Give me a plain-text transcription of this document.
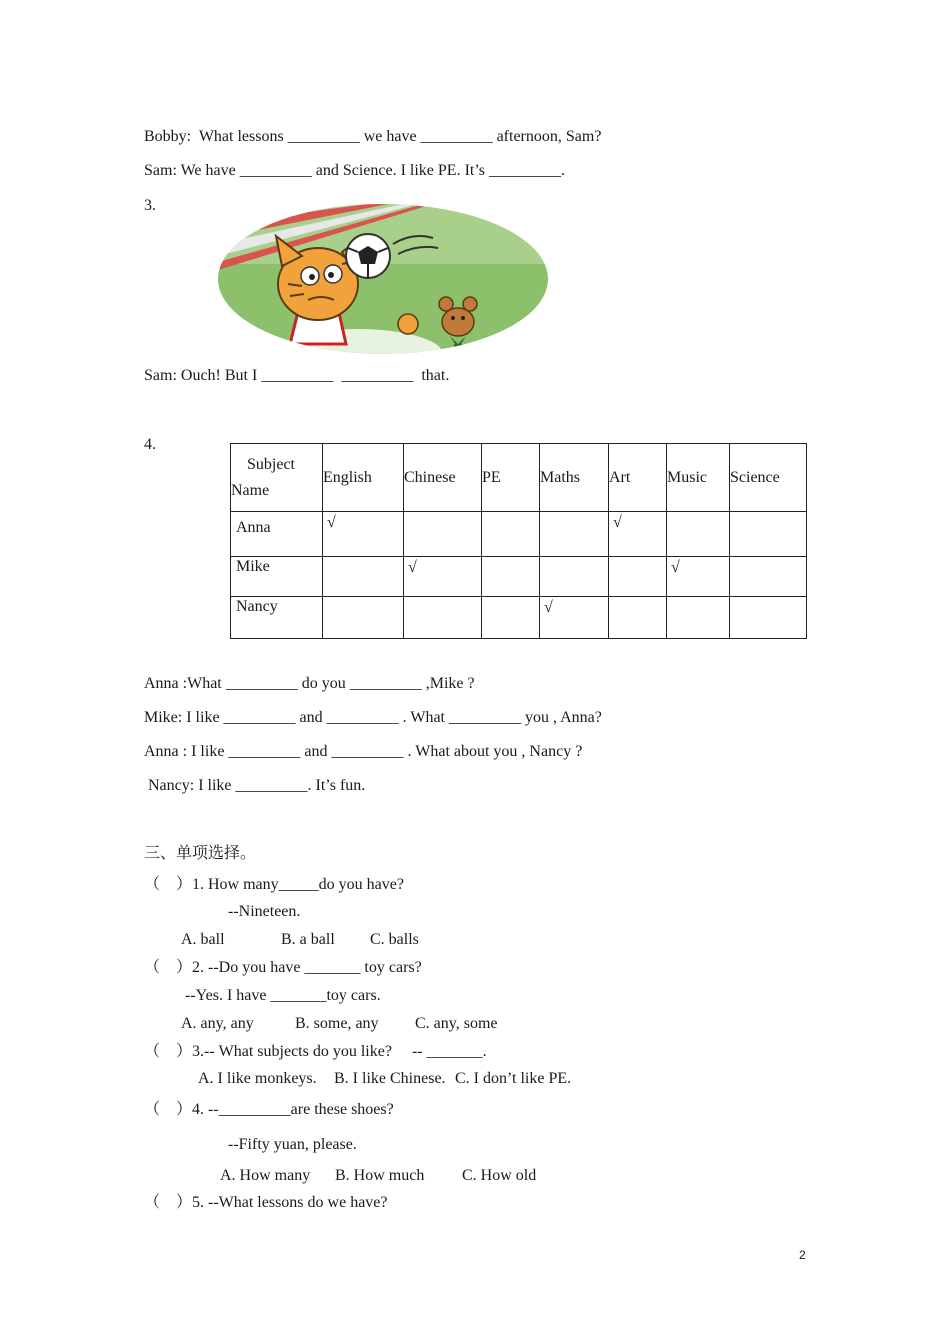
Bobby:  What lessons _________ we have _________ afternoon, Sam?
Sam: We have _________ and Science. I like PE. It’s _________.
3.
Sam: Ouch! But I _________  _________  that.
4.
Subject
Name	English	Chinese	PE	Maths	Art	Music	Science
Anna	√				√		
Mike		√				√	
Nancy				√			
Anna :What _________ do you _________ ,Mike ?
Mike: I like _________ and _________ . What _________ you , Anna?
Anna : I like _________ and _________ . What about you , Nancy ?
Nancy: I like _________. It’s fun.
三、单项选择。
（    ）1. How many_____do you have?
--Nineteen.
A. ball	B. a ball C. balls
（    ）2. --Do you have _______ toy cars?
--Yes. I have _______toy cars.
A. any, any	B. some, any C. any, some
（    ）3.-- What subjects do you like?     -- _______.
A. I like monkeys. B. I like Chinese. C. I don’t like PE.
（    ）4. --_________are these shoes?
--Fifty yuan, please.
A. How many B. How much C. How old
（    ）5. --What lessons do we have?
2
